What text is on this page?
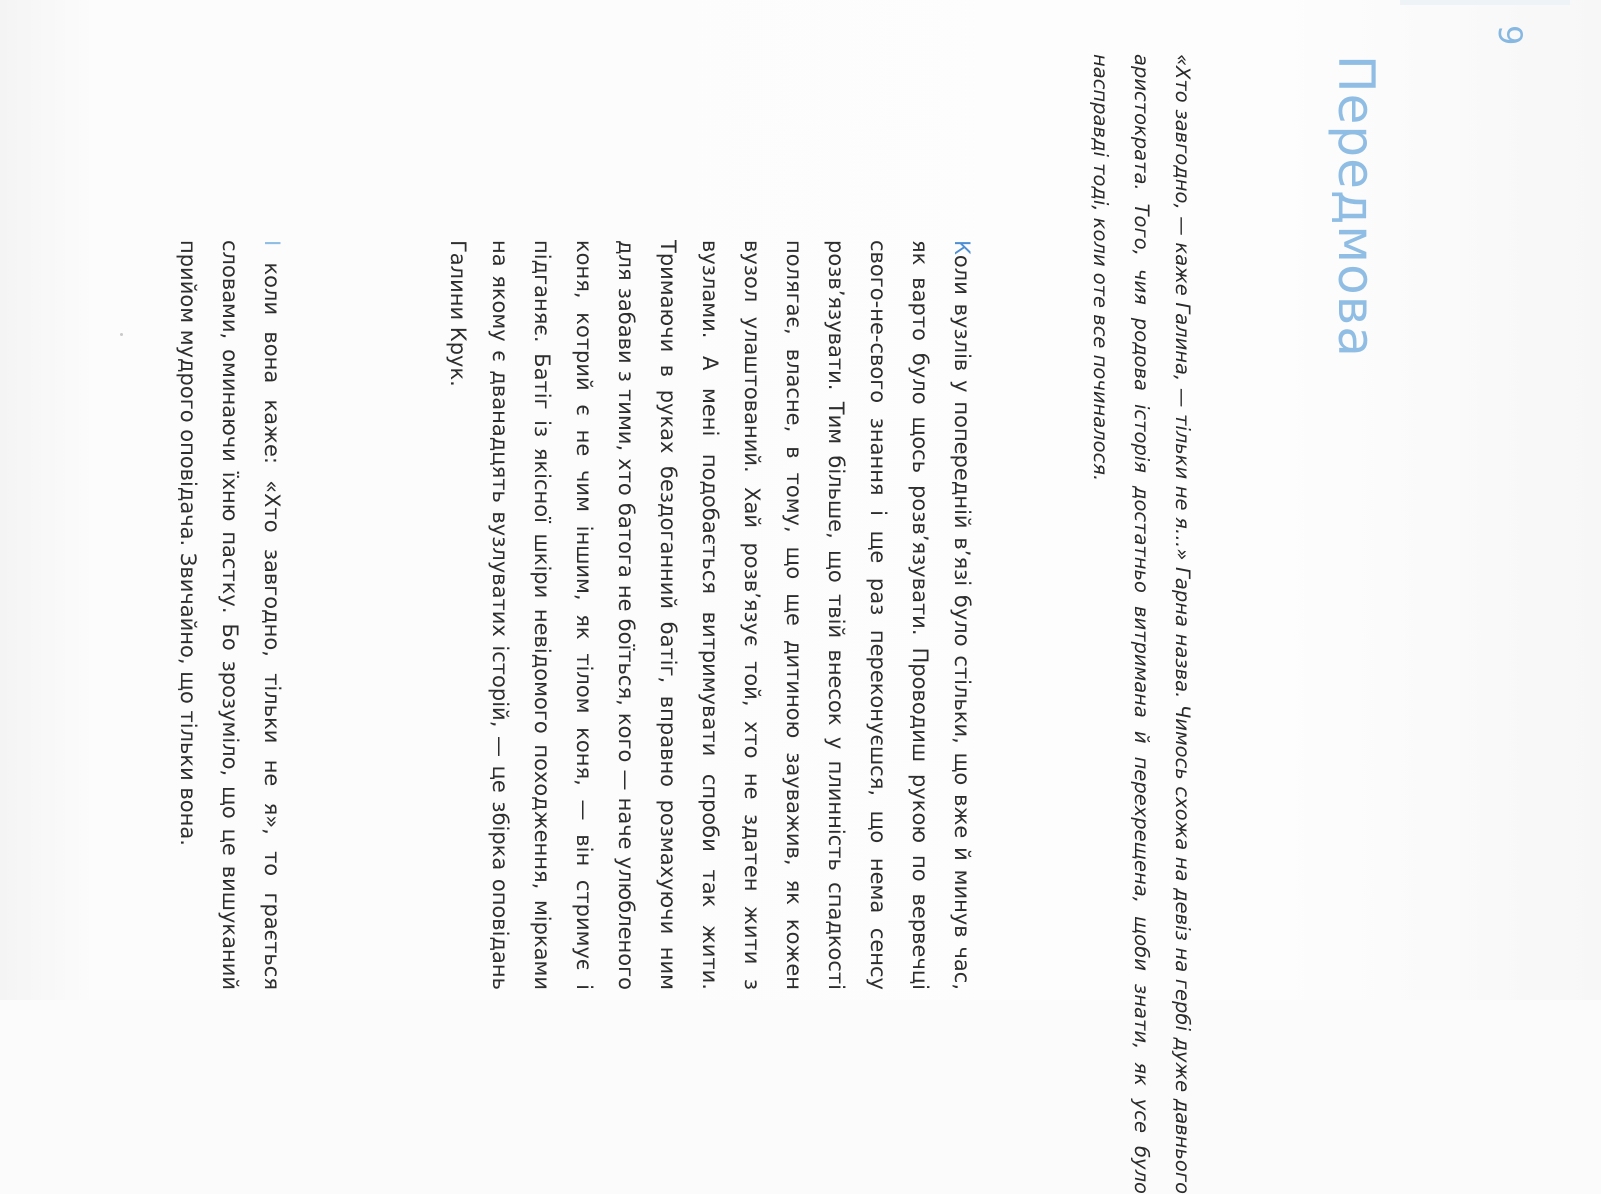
9
Передмова

«Хто завгодно, — каже Галина, — тільки не я…» Гарна назва. Чимось схожа на девіз на гербі дуже давнього аристократа. Того, чия родова історія достатньо витримана й перехрещена, щоби знати, як усе було насправді тоді, коли оте все починалося.

Коли вузлів у попередній в’язі було стільки, що вже й минув час, як варто було щось розв’язувати. Проводиш рукою по вервечці свого-не-свого знання і ще раз переконуєшся, що нема сенсу розв’язувати. Тим більше, що твій внесок у плинність спадкості полягає, власне, в тому, що ще дитиною зауважив, як кожен вузол улаштований. Хай розв’язує той, хто не здатен жити з вузлами. А мені подобається витримувати спроби так жити. Тримаючи в руках бездоганний батіг, вправно розмахуючи ним для забави з тими, хто батога не боїться, кого — наче улюбленого коня, котрий є не чим іншим, як тілом коня, — він стримує і підганяє. Батіг із якісної шкіри невідомого походження, мірками на якому є дванадцять вузлуватих історій, — це збірка оповідань Галини Крук.

І коли вона каже: «Хто завгодно, тільки не я», то грається словами, оминаючи їхню пастку. Бо зрозуміло, що це вишуканий прийом мудрого оповідача. Звичайно, що тільки вона.
